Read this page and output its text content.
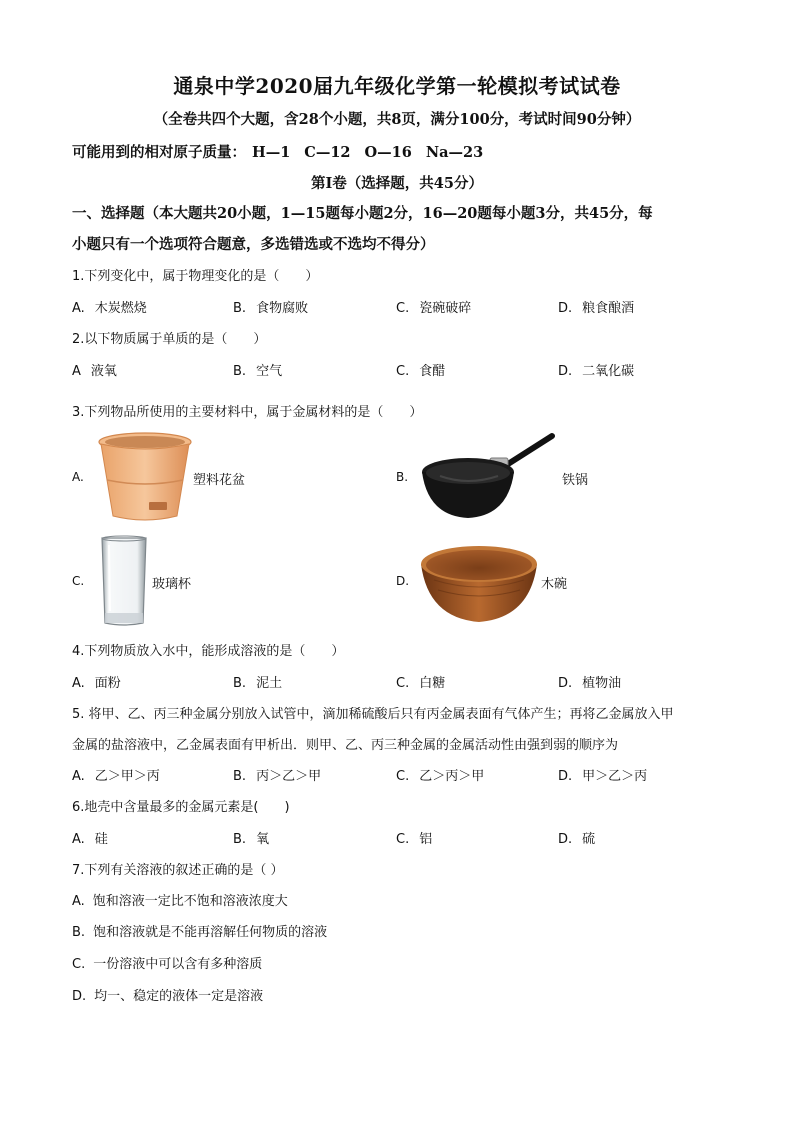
通泉中学2020届九年级化学第一轮模拟考试试卷
（全卷共四个大题，含28个小题，共8页，满分100分，考试时间90分钟）
可能用到的相对原子质量： H—1 C—12 O—16 Na—23
第Ⅰ卷（选择题，共45分）
一、选择题（本大题共20小题，1—15题每小题2分，16—20题每小题3分，共45分，每
小题只有一个选项符合题意，多选错选或不选均不得分）
1.下列变化中，属于物理变化的是（　　）
A. 木炭燃烧	B. 食物腐败	C. 瓷碗破碎	D. 粮食酿酒
2.以下物质属于单质的是（　　）
A 液氧	B. 空气	C. 食醋	D. 二氧化碳
3.下列物品所使用的主要材料中，属于金属材料的是（　　）
A.	塑料花盆	B.	铁锅
C.	玻璃杯	D.	木碗
4.下列物质放入水中，能形成溶液的是（　　）
A. 面粉	B. 泥土	C. 白糖	D. 植物油
5. 将甲、乙、丙三种金属分别放入试管中，滴加稀硫酸后只有丙金属表面有气体产生；再将乙金属放入甲
金属的盐溶液中，乙金属表面有甲析出．则甲、乙、丙三种金属的金属活动性由强到弱的顺序为
A. 乙＞甲＞丙	B. 丙＞乙＞甲	C. 乙＞丙＞甲	D. 甲＞乙＞丙
6.地壳中含量最多的金属元素是(　　)
A. 硅	B. 氧	C. 铝	D. 硫
7.下列有关溶液的叙述正确的是（ ）
A. 饱和溶液一定比不饱和溶液浓度大
B. 饱和溶液就是不能再溶解任何物质的溶液
C. 一份溶液中可以含有多种溶质
D. 均一、稳定的液体一定是溶液
